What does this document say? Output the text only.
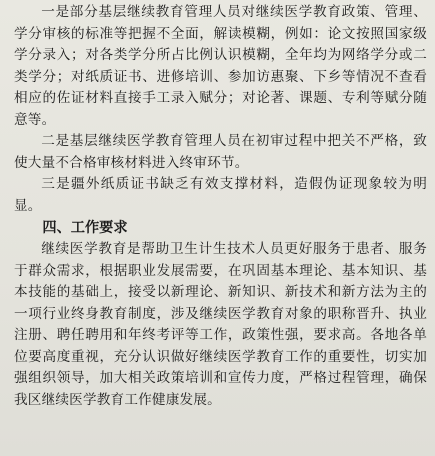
一是部分基层继续教育管理人员对继续医学教育政策、管理、学分审核的标准等把握不全面，解读模糊，例如：论文按照国家级学分录入；对各类学分所占比例认识模糊，全年均为网络学分或二类学分；对纸质证书、进修培训、参加访惠聚、下乡等情况不查看相应的佐证材料直接手工录入赋分；对论著、课题、专利等赋分随意等。

二是基层继续医学教育管理人员在初审过程中把关不严格，致使大量不合格审核材料进入终审环节。

三是疆外纸质证书缺乏有效支撑材料，造假伪证现象较为明显。

四、工作要求

继续医学教育是帮助卫生计生技术人员更好服务于患者、服务于群众需求，根据职业发展需要，在巩固基本理论、基本知识、基本技能的基础上，接受以新理论、新知识、新技术和新方法为主的一项行业终身教育制度，涉及继续医学教育对象的职称晋升、执业注册、聘任聘用和年终考评等工作，政策性强，要求高。各地各单位要高度重视，充分认识做好继续医学教育工作的重要性，切实加强组织领导，加大相关政策培训和宣传力度，严格过程管理，确保我区继续医学教育工作健康发展。
